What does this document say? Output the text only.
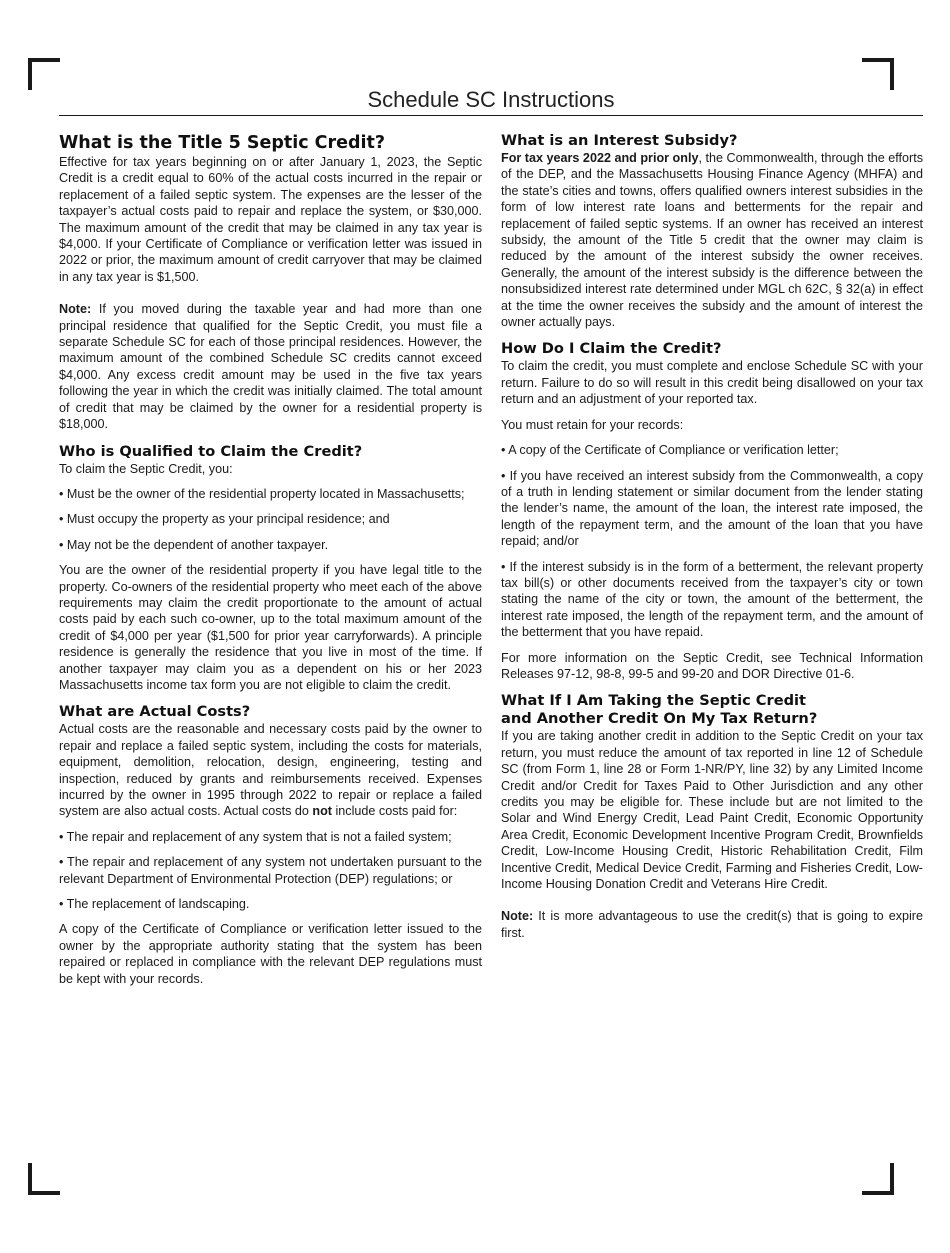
Schedule SC Instructions
What is the Title 5 Septic Credit?

Effective for tax years beginning on or after January 1, 2023, the Septic Credit is a credit equal to 60% of the actual costs incurred in the repair or replacement of a failed septic system. The expenses are the lesser of the taxpayer’s actual costs paid to repair and replace the system, or $30,000. The maximum amount of the credit that may be claimed in any tax year is $4,000. If your Certificate of Compliance or verification letter was issued in 2022 or prior, the maximum amount of credit carryover that may be claimed in any tax year is $1,500.

Note: If you moved during the taxable year and had more than one principal residence that qualified for the Septic Credit, you must file a separate Schedule SC for each of those principal residences. However, the maximum amount of the combined Schedule SC credits cannot exceed $4,000. Any excess credit amount may be used in the five tax years following the year in which the credit was initially claimed. The total amount of credit that may be claimed by the owner for a residential property is $18,000.

Who is Qualified to Claim the Credit?

To claim the Septic Credit, you:

• Must be the owner of the residential property located in Massachusetts;

• Must occupy the property as your principal residence; and

• May not be the dependent of another taxpayer.

You are the owner of the residential property if you have legal title to the property. Co-owners of the residential property who meet each of the above requirements may claim the credit proportionate to the amount of actual costs paid by each such co-owner, up to the total maximum amount of the credit of $4,000 per year ($1,500 for prior year carryforwards). A principle residence is generally the residence that you live in most of the time. If another taxpayer may claim you as a dependent on his or her 2023 Massachusetts income tax form you are not eligible to claim the credit.

What are Actual Costs?

Actual costs are the reasonable and necessary costs paid by the owner to repair and replace a failed septic system, including the costs for materials, equipment, demolition, relocation, design, engineering, testing and inspection, reduced by grants and reimbursements received. Expenses incurred by the owner in 1995 through 2022 to repair or replace a failed system are also actual costs. Actual costs do not include costs paid for:

• The repair and replacement of any system that is not a failed system;

• The repair and replacement of any system not undertaken pursuant to the relevant Department of Environmental Protection (DEP) regulations; or

• The replacement of landscaping.

A copy of the Certificate of Compliance or verification letter issued to the owner by the appropriate authority stating that the system has been repaired or replaced in compliance with the relevant DEP regulations must be kept with your records.

What is an Interest Subsidy?

For tax years 2022 and prior only, the Commonwealth, through the efforts of the DEP, and the Massachusetts Housing Finance Agency (MHFA) and the state’s cities and towns, offers qualified owners interest subsidies in the form of low interest rate loans and betterments for the repair and replacement of failed septic systems. If an owner has received an interest subsidy, the amount of the Title 5 credit that the owner may claim is reduced by the amount of the interest subsidy the owner receives. Generally, the amount of the interest subsidy is the difference between the nonsubsidized interest rate determined under MGL ch 62C, § 32(a) in effect at the time the owner receives the subsidy and the amount of interest the owner actually pays.

How Do I Claim the Credit?

To claim the credit, you must complete and enclose Schedule SC with your return. Failure to do so will result in this credit being disallowed on your tax return and an adjustment of your reported tax.

You must retain for your records:

• A copy of the Certificate of Compliance or verification letter;

• If you have received an interest subsidy from the Commonwealth, a copy of a truth in lending statement or similar document from the lender stating the lender’s name, the amount of the loan, the interest rate imposed, the length of the repayment term, and the amount of the loan that you have repaid; and/or

• If the interest subsidy is in the form of a betterment, the relevant property tax bill(s) or other documents received from the taxpayer’s city or town stating the name of the city or town, the amount of the betterment, the interest rate imposed, the length of the repayment term, and the amount of the betterment that you have repaid.

For more information on the Septic Credit, see Technical Information Releases 97-12, 98-8, 99-5 and 99-20 and DOR Directive 01-6.

What If I Am Taking the Septic Credit
and Another Credit On My Tax Return?

If you are taking another credit in addition to the Septic Credit on your tax return, you must reduce the amount of tax reported in line 12 of Schedule SC (from Form 1, line 28 or Form 1-NR/PY, line 32) by any Limited Income Credit and/or Credit for Taxes Paid to Other Jurisdiction and any other credits you may be eligible for. These include but are not limited to the Solar and Wind Energy Credit, Lead Paint Credit, Economic Opportunity Area Credit, Economic Development Incentive Program Credit, Brownfields Credit, Low-Income Housing Credit, Historic Rehabilitation Credit, Film Incentive Credit, Medical Device Credit, Farming and Fisheries Credit, Low-Income Housing Donation Credit and Veterans Hire Credit.

Note: It is more advantageous to use the credit(s) that is going to expire first.
